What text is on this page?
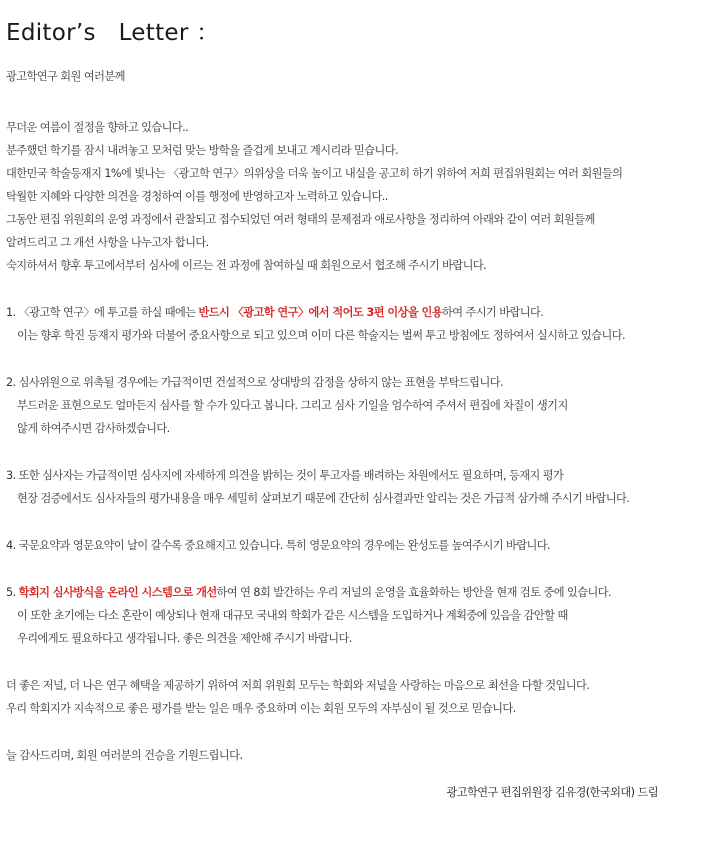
Editor’s   Letter ：
광고학연구 회원 여러분께
무더운 여름이 절정을 향하고 있습니다..
분주했던 학기를 잠시 내려놓고 모처럼 맞는 방학을 즐겁게 보내고 계시리라 믿습니다.
대한민국 학술등재지 1%에 빛나는 〈광고학 연구〉의위상을 더욱 높이고 내실을 공고히 하기 위하여 저희 편집위원회는 여러 회원들의
탁월한 지혜와 다양한 의견을 경청하여 이를 행정에 반영하고자 노력하고 있습니다..
그동안 편집 위원회의 운영 과정에서 관찰되고 접수되었던 여러 형태의 문제점과 애로사항을 정리하여 아래와 같이 여러 회원들께
알려드리고 그 개선 사항을 나누고자 합니다.
숙지하셔서 향후 투고에서부터 심사에 이르는 전 과정에 참여하실 때 회원으로서 협조해 주시기 바랍니다.
1. 〈광고학 연구〉에 투고를 하실 때에는 반드시 〈광고학 연구〉에서 적어도 3편 이상을 인용하여 주시기 바랍니다.
이는 향후 학진 등재지 평가와 더불어 중요사항으로 되고 있으며 이미 다른 학술지는 벌써 투고 방침에도 정하여서 실시하고 있습니다.
2. 심사위원으로 위촉될 경우에는 가급적이면 건설적으로 상대방의 감정을 상하지 않는 표현을 부탁드립니다.
부드러운 표현으로도 얼마든지 심사를 할 수가 있다고 봅니다. 그리고 심사 기일을 엄수하여 주셔서 편집에 차질이 생기지
않게 하여주시면 감사하겠습니다.
3. 또한 심사자는 가급적이면 심사지에 자세하게 의견을 밝히는 것이 투고자를 배려하는 차원에서도 필요하며, 등재지 평가
현장 검증에서도 심사자들의 평가내용을 매우 세밀히 살펴보기 때문에 간단히 심사결과만 알리는 것은 가급적 삼가해 주시기 바랍니다.
4. 국문요약과 영문요약이 날이 갈수록 중요해지고 있습니다. 특히 영문요약의 경우에는 완성도를 높여주시기 바랍니다.
5. 학회지 심사방식을 온라인 시스템으로 개선하여 연 8회 발간하는 우리 저널의 운영을 효율화하는 방안을 현재 검토 중에 있습니다.
이 또한 초기에는 다소 혼란이 예상되나 현재 대규모 국내외 학회가 같은 시스템을 도입하거나 계획중에 있음을 감안할 때
우리에게도 필요하다고 생각됩니다. 좋은 의견을 제안해 주시기 바랍니다.
더 좋은 저널, 더 나은 연구 혜택을 제공하기 위하여 저희 위원회 모두는 학회와 저널을 사랑하는 마음으로 최선을 다할 것입니다.
우리 학회지가 지속적으로 좋은 평가를 받는 일은 매우 중요하며 이는 회원 모두의 자부심이 될 것으로 믿습니다.
늘 감사드리며, 회원 여러분의 건승을 기원드립니다.
광고학연구 편집위원장 김유경(한국외대) 드림
